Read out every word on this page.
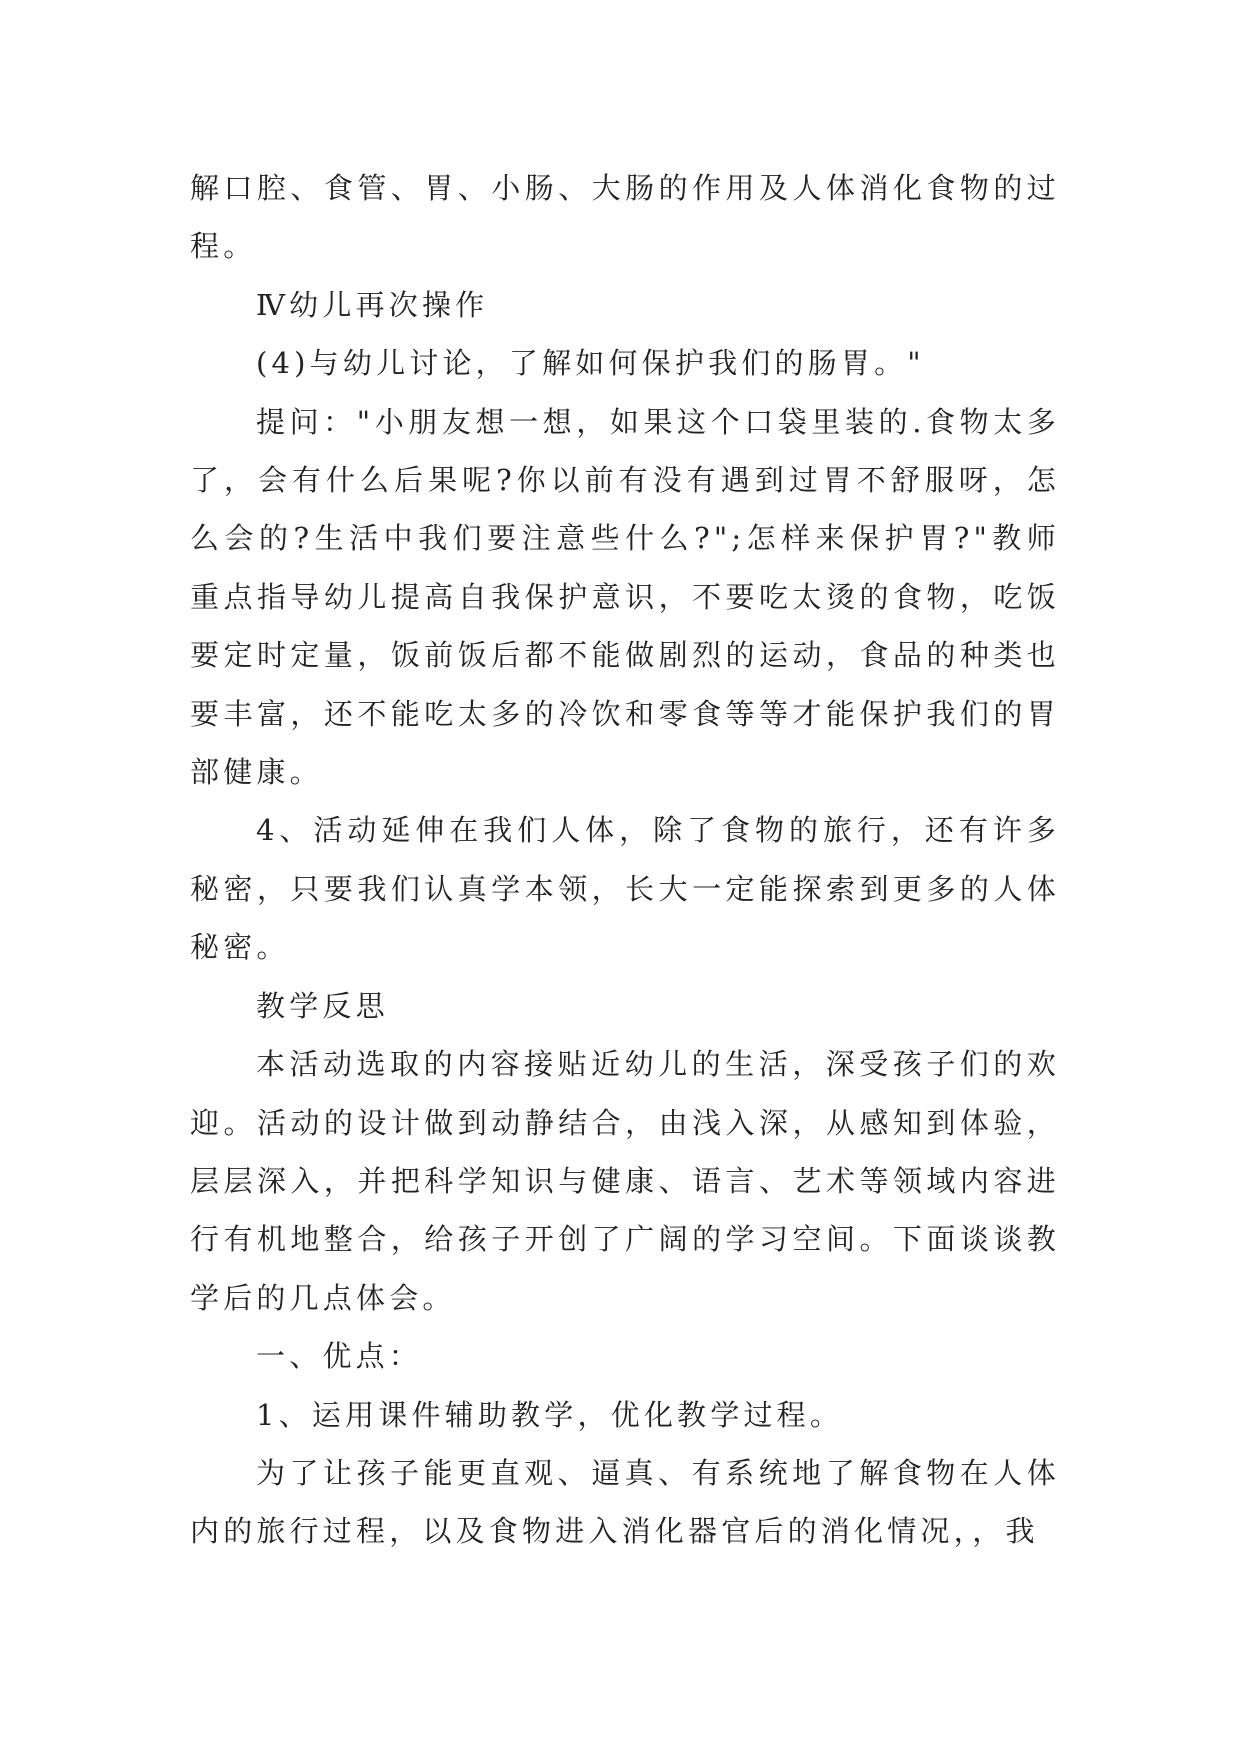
解口腔、食管、胃、小肠、大肠的作用及人体消化食物的过程。

Ⅳ幼儿再次操作

(4)与幼儿讨论，了解如何保护我们的肠胃。"

提问："小朋友想一想，如果这个口袋里装的.食物太多了，会有什么后果呢?你以前有没有遇到过胃不舒服呀，怎么会的?生活中我们要注意些什么?";怎样来保护胃?"教师重点指导幼儿提高自我保护意识，不要吃太烫的食物，吃饭要定时定量，饭前饭后都不能做剧烈的运动，食品的种类也要丰富，还不能吃太多的冷饮和零食等等才能保护我们的胃部健康。

4、活动延伸在我们人体，除了食物的旅行，还有许多秘密，只要我们认真学本领，长大一定能探索到更多的人体秘密。

教学反思

本活动选取的内容接贴近幼儿的生活，深受孩子们的欢迎。活动的设计做到动静结合，由浅入深，从感知到体验，层层深入，并把科学知识与健康、语言、艺术等领域内容进行有机地整合，给孩子开创了广阔的学习空间。下面谈谈教学后的几点体会。

一、优点：

1、运用课件辅助教学，优化教学过程。

为了让孩子能更直观、逼真、有系统地了解食物在人体内的旅行过程，以及食物进入消化器官后的消化情况，，我
